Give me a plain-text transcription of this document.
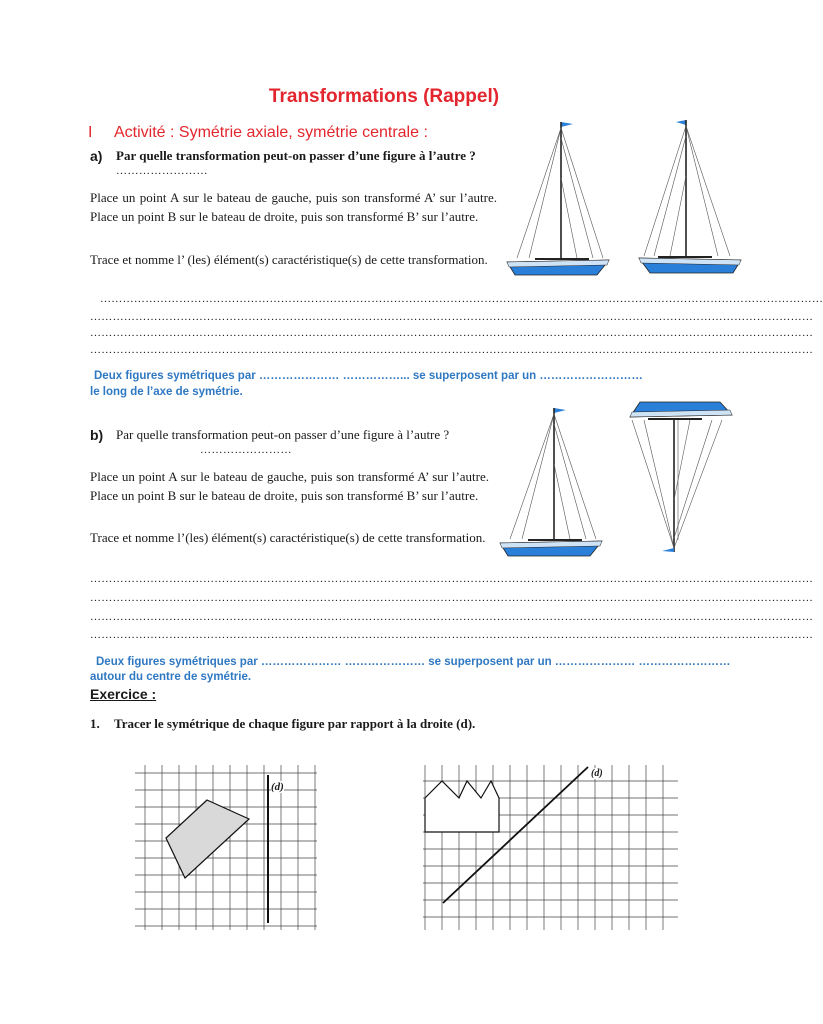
Transformations (Rappel)
I Activité : Symétrie axiale, symétrie centrale :
a) Par quelle transformation peut-on passer d’une figure à l’autre ?
……………………
Place un point A sur le bateau de gauche, puis son transformé A’ sur l’autre. Place un point B sur le bateau de droite, puis son transformé B’ sur l’autre.
Trace et nomme l’ (les) élément(s) caractéristique(s) de cette transformation.
…………………………………………………………………………………………………………………………………………………………………………
…………………………………………………………………………………………………………………………………………………………………………
…………………………………………………………………………………………………………………………………………………………………………
…………………………………………………………………………………………………………………………………………………………………………
Deux figures symétriques par ………………… ……………... se superposent par un ………………………
le long de l’axe de symétrie.
b) Par quelle transformation peut-on passer d’une figure à l’autre ?
……………………
Place un point A sur le bateau de gauche, puis son transformé A’ sur l’autre. Place un point B sur le bateau de droite, puis son transformé B’ sur l’autre.
Trace et nomme l’(les) élément(s) caractéristique(s) de cette transformation.
…………………………………………………………………………………………………………………………………………………………………………
…………………………………………………………………………………………………………………………………………………………………………
…………………………………………………………………………………………………………………………………………………………………………
…………………………………………………………………………………………………………………………………………………………………………
Deux figures symétriques par ………………… ………………… se superposent par un ………………… ……………………
autour du centre de symétrie.
Exercice :
1. Tracer le symétrique de chaque figure par rapport à la droite (d).
(d)
(d)
